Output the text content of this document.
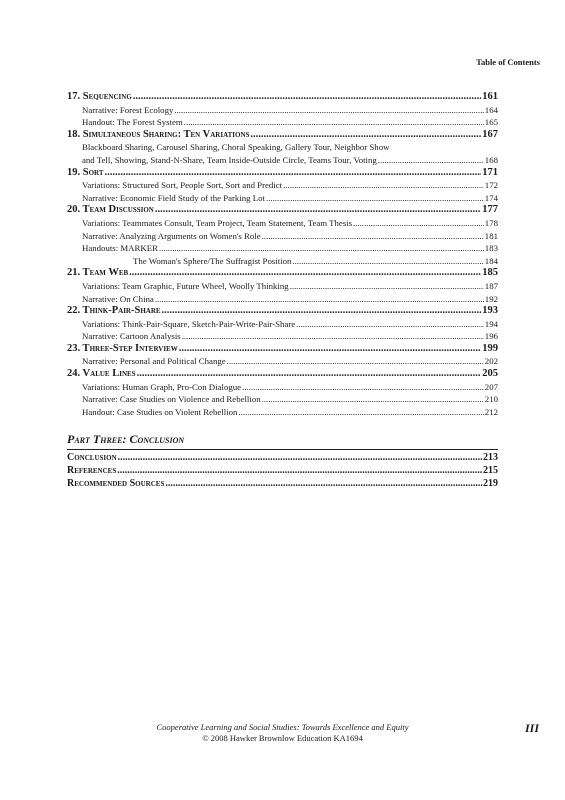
Table of Contents
17. Sequencing .....	161
Narrative: Forest Ecology .....	164
Handout: The Forest System .....	165
18. Simultaneous Sharing: Ten Variations .....	167
Blackboard Sharing, Carousel Sharing, Choral Speaking, Gallery Tour, Neighbor Show
and Tell, Showing, Stand-N-Share, Team Inside-Outside Circle, Teams Tour, Voting .....	168
19. Sort .....	171
Variations: Structured Sort, People Sort, Sort and Predict .....	172
Narrative: Economic Field Study of the Parking Lot .....	174
20. Team Discussion .....	177
Variations: Teammates Consult, Team Project, Team Statement, Team Thesis .....	178
Narrative: Analyzing Arguments on Women's Role .....	181
Handouts: MARKER .....	183
The Woman's Sphere/The Suffragist Position .....	184
21. Team Web .....	185
Variations: Team Graphic, Future Wheel, Woolly Thinking .....	187
Narrative: On China .....	192
22. Think-Pair-Share .....	193
Variations: Think-Pair-Square, Sketch-Pair-Write-Pair-Share .....	194
Narrative: Cartoon Analysis .....	196
23. Three-Step Interview .....	199
Narrative: Personal and Political Change .....	202
24. Value Lines .....	205
Variations: Human Graph, Pro-Con Dialogue .....	207
Narrative: Case Studies on Violence and Rebellion .....	210
Handout: Case Studies on Violent Rebellion .....	212
Part Three: Conclusion
Conclusion .....	213
References .....	215
Recommended Sources .....	219
Cooperative Learning and Social Studies: Towards Excellence and Equity
© 2008 Hawker Brownlow Education KA1694
III
